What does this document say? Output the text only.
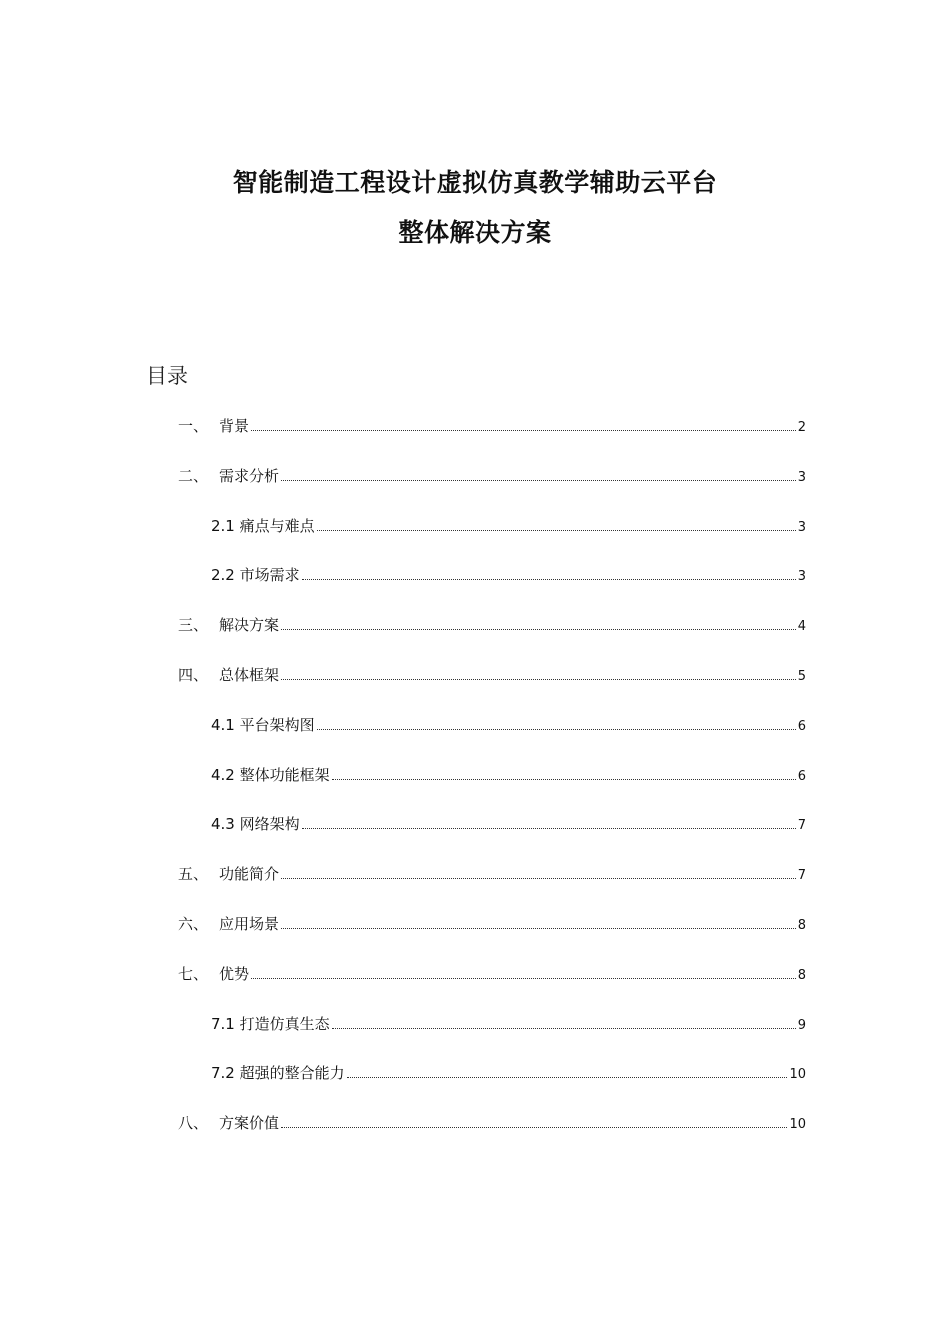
智能制造工程设计虚拟仿真教学辅助云平台
整体解决方案
目录
一、 背景	2
二、 需求分析	3
2.1 痛点与难点	3
2.2 市场需求	3
三、 解决方案	4
四、 总体框架	5
4.1 平台架构图	6
4.2 整体功能框架	6
4.3 网络架构	7
五、 功能简介	7
六、 应用场景	8
七、 优势	8
7.1 打造仿真生态	9
7.2 超强的整合能力	10
八、 方案价值	10
